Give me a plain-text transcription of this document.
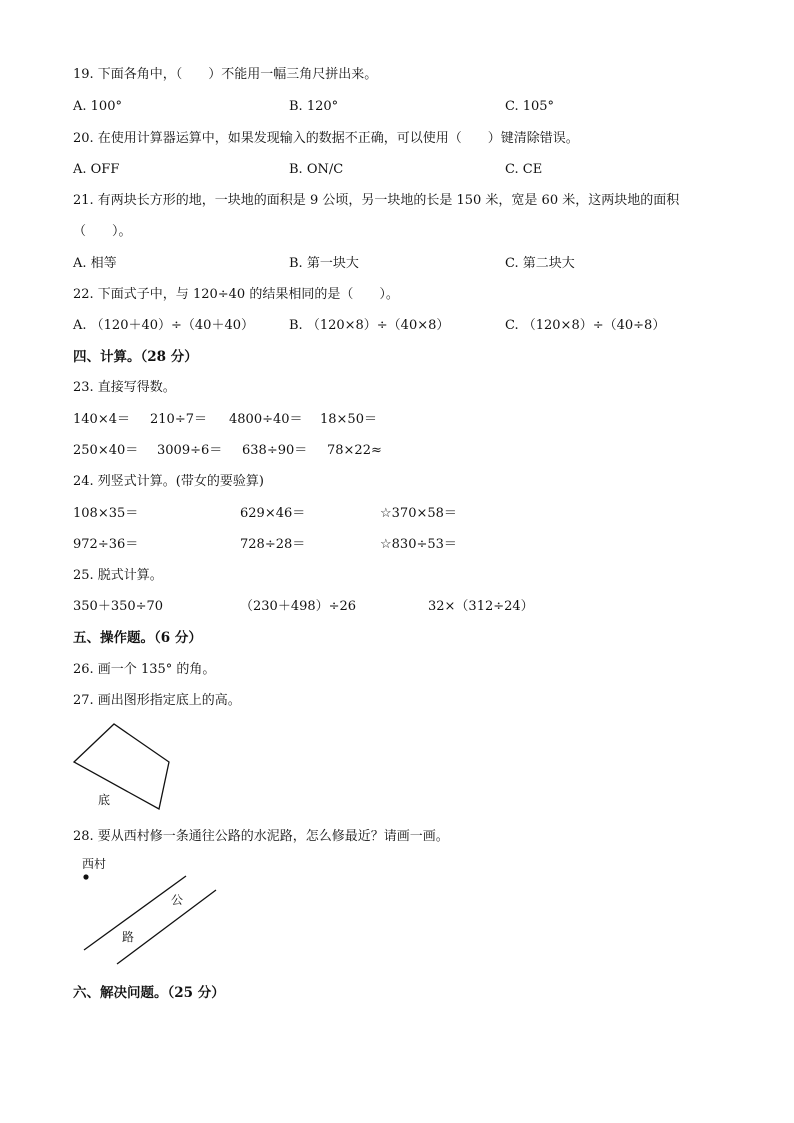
19. 下面各角中，（　　）不能用一幅三角尺拼出来。
A. 100°	B. 120°	C. 105°
20. 在使用计算器运算中，如果发现输入的数据不正确，可以使用（　　）键清除错误。
A. OFF	B. ON/C	C. CE
21. 有两块长方形的地，一块地的面积是 9 公顷，另一块地的长是 150 米，宽是 60 米，这两块地的面积
（　　）。
A. 相等	B. 第一块大	C. 第二块大
22. 下面式子中，与 120÷40 的结果相同的是（　　）。
A. （120＋40）÷（40＋40）	B. （120×8）÷（40×8）	C. （120×8）÷（40÷8）
四、计算。（28 分）
23. 直接写得数。
140×4＝ 210÷7＝ 4800÷40＝ 18×50＝
250×40＝ 3009÷6＝ 638÷90＝ 78×22≈
24. 列竖式计算。(带女的要验算)
108×35＝	629×46＝	☆370×58＝
972÷36＝	728÷28＝	☆830÷53＝
25. 脱式计算。
350＋350÷70	（230＋498）÷26	32×（312÷24）
五、操作题。（6 分）
26. 画一个 135° 的角。
27. 画出图形指定底上的高。
底
28. 要从西村修一条通往公路的水泥路，怎么修最近？请画一画。
西村
公
路
六、解决问题。（25 分）
